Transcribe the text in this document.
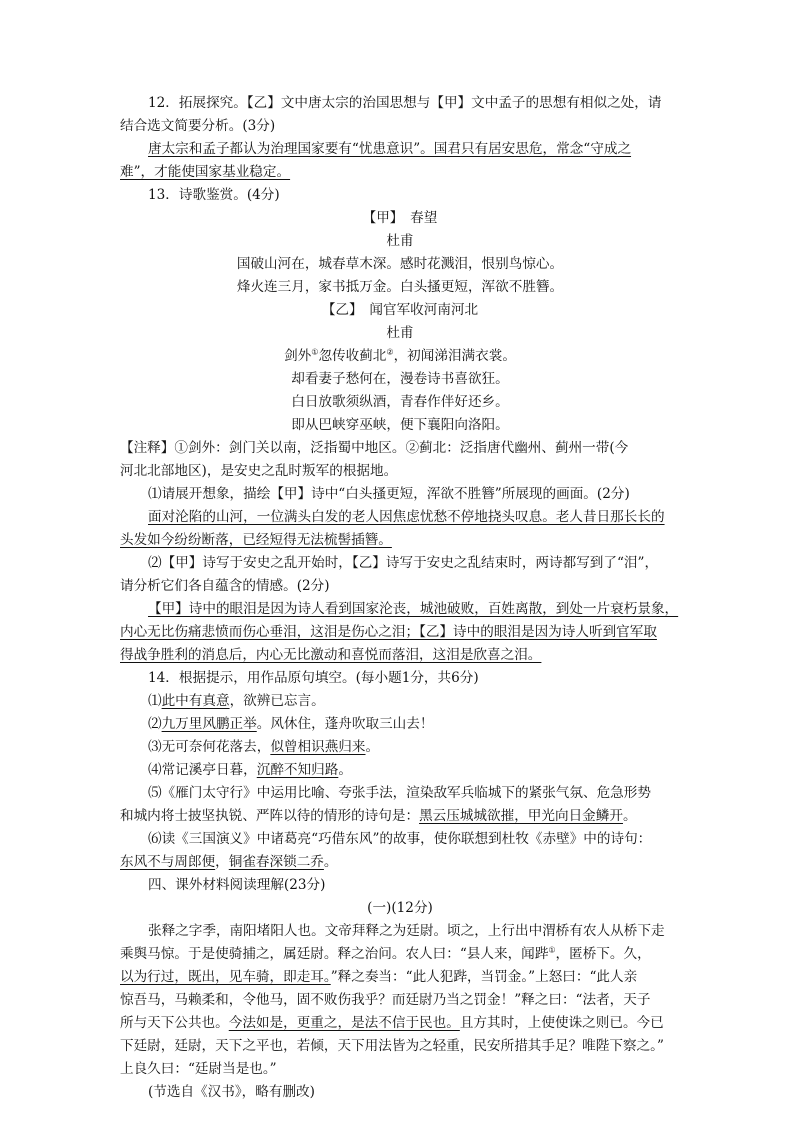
12．拓展探究。【乙】文中唐太宗的治国思想与【甲】文中孟子的思想有相似之处，请
结合选文简要分析。(3分)
唐太宗和孟子都认为治理国家要有“忧患意识”。国君只有居安思危，常念“守成之
难”，才能使国家基业稳定。
13．诗歌鉴赏。(4分)
【甲】　春望
杜甫
国破山河在，城春草木深。感时花溅泪，恨别鸟惊心。
烽火连三月，家书抵万金。白头搔更短，浑欲不胜簪。
【乙】　闻官军收河南河北
杜甫
剑外①忽传收蓟北②，初闻涕泪满衣裳。
却看妻子愁何在，漫卷诗书喜欲狂。
白日放歌须纵酒，青春作伴好还乡。
即从巴峡穿巫峡，便下襄阳向洛阳。
【注释】①剑外：剑门关以南，泛指蜀中地区。②蓟北：泛指唐代幽州、蓟州一带(今
河北北部地区)，是安史之乱时叛军的根据地。
⑴请展开想象，描绘【甲】诗中“白头搔更短，浑欲不胜簪”所展现的画面。(2分)
面对沦陷的山河，一位满头白发的老人因焦虑忧愁不停地挠头叹息。老人昔日那长长的
头发如今纷纷断落，已经短得无法梳髻插簪。
⑵【甲】诗写于安史之乱开始时，【乙】诗写于安史之乱结束时，两诗都写到了“泪”，
请分析它们各自蕴含的情感。(2分)
【甲】诗中的眼泪是因为诗人看到国家沦丧，城池破败，百姓离散，到处一片衰朽景象，
内心无比伤痛悲愤而伤心垂泪，这泪是伤心之泪；【乙】诗中的眼泪是因为诗人听到官军取
得战争胜利的消息后，内心无比激动和喜悦而落泪，这泪是欣喜之泪。
14．根据提示，用作品原句填空。(每小题1分，共6分)
⑴此中有真意，欲辨已忘言。
⑵九万里风鹏正举。风休住，蓬舟吹取三山去！
⑶无可奈何花落去，似曾相识燕归来。
⑷常记溪亭日暮，沉醉不知归路。
⑸《雁门太守行》中运用比喻、夸张手法，渲染敌军兵临城下的紧张气氛、危急形势
和城内将士披坚执锐、严阵以待的情形的诗句是：黑云压城城欲摧，甲光向日金鳞开。
⑹读《三国演义》中诸葛亮“巧借东风”的故事，使你联想到杜牧《赤壁》中的诗句：
东风不与周郎便，铜雀春深锁二乔。
四、课外材料阅读理解(23分)
(一)(12分)
张释之字季，南阳堵阳人也。文帝拜释之为廷尉。顷之，上行出中渭桥有农人从桥下走
乘舆马惊。于是使骑捕之，属廷尉。释之治问。农人曰：“县人来，闻跸①，匿桥下。久，
以为行过，既出，见车骑，即走耳。”释之奏当：“此人犯跸，当罚金。”上怒曰：“此人亲
惊吾马，马赖柔和，令他马，固不败伤我乎？而廷尉乃当之罚金！”释之曰：“法者，天子
所与天下公共也。今法如是，更重之，是法不信于民也。且方其时，上使使诛之则已。今已
下廷尉，廷尉，天下之平也，若倾，天下用法皆为之轻重，民安所措其手足？唯陛下察之。”
上良久曰：“廷尉当是也。”
(节选自《汉书》，略有删改)
